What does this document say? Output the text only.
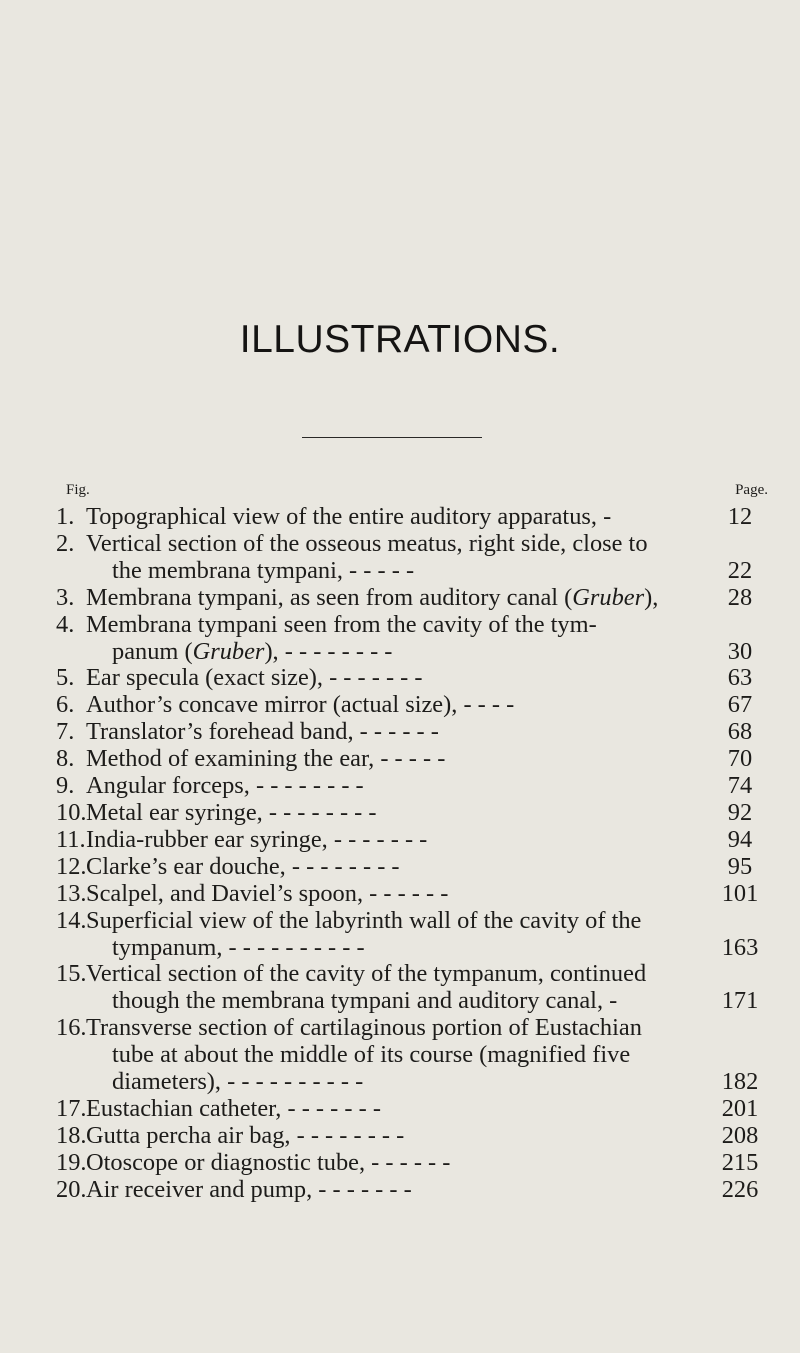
ILLUSTRATIONS.
Fig.	Page.
1. Topographical view of the entire auditory apparatus, -	12
2. Vertical section of the osseous meatus, right side, close to
the membrana tympani, - - - - -	22
3. Membrana tympani, as seen from auditory canal (Gruber),	28
4. Membrana tympani seen from the cavity of the tym-
panum (Gruber), - - - - - - - -	30
5. Ear specula (exact size), - - - - - - -	63
6. Author’s concave mirror (actual size), - - - -	67
7. Translator’s forehead band, - - - - - -	68
8. Method of examining the ear, - - - - -	70
9. Angular forceps, - - - - - - - -	74
10. Metal ear syringe, - - - - - - - -	92
11. India-rubber ear syringe, - - - - - - -	94
12. Clarke’s ear douche, - - - - - - - -	95
13. Scalpel, and Daviel’s spoon, - - - - - -	101
14. Superficial view of the labyrinth wall of the cavity of the
tympanum, - - - - - - - - - -	163
15. Vertical section of the cavity of the tympanum, continued
though the membrana tympani and auditory canal, -	171
16. Transverse section of cartilaginous portion of Eustachian
tube at about the middle of its course (magnified five
diameters), - - - - - - - - - -	182
17. Eustachian catheter, - - - - - - -	201
18. Gutta percha air bag, - - - - - - - -	208
19. Otoscope or diagnostic tube, - - - - - -	215
20. Air receiver and pump, - - - - - - -	226
